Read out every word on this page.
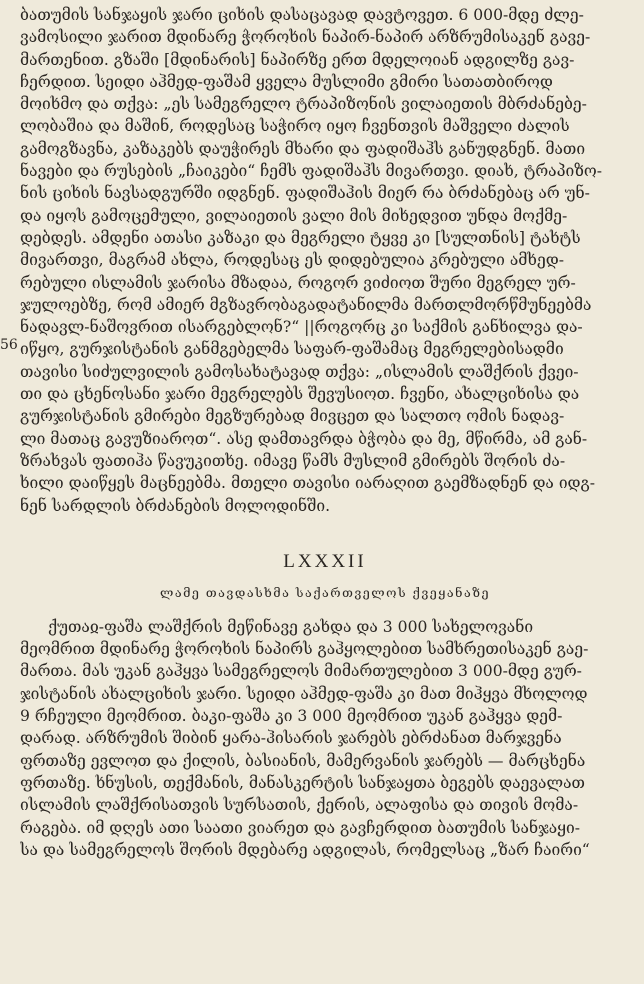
56

ბათუმის სანჯაყის ჯარი ციხის დასაცავად დავტოვეთ. 6 000-მდე ძლე-
ვამოსილი ჯარით მდინარე ჭოროხის ნაპირ-ნაპირ არზრუმისაკენ გავე-
მართენით. გზაში [მდინარის] ნაპირზე ერთ მდელოიან ადგილზე გავ-
ჩერდით. სეიდი აჰმედ-ფაშამ ყველა მუსლიმი გმირი სათათბიროდ
მოიხმო და თქვა: „ეს სამეგრელო ტრაპიზონის ვილაიეთის მბრძანებე-
ლობაშია და მაშინ, როდესაც საჭირო იყო ჩვენთვის მაშველი ძალის
გამოგზავნა, კაზაკებს დაუჭირეს მხარი და ფადიშაჰს განუდგნენ. მათი
ნავები და რუსების „ჩაიკები“ ჩემს ფადიშაჰს მივართვი. დიახ, ტრაპიზო-
ნის ციხის ნავსადგურში იდგნენ. ფადიშაჰის მიერ რა ბრძანებაც არ უნ-
და იყოს გამოცემული, ვილაიეთის ვალი მის მიხედვით უნდა მოქმე-
დებდეს. ამდენი ათასი კაზაკი და მეგრელი ტყვე კი [სულთნის] ტახტს
მივართვი, მაგრამ ახლა, როდესაც ეს დიდებულია კრებული ამხედ-
რებული ისლამის ჯარისა მზადაა, როგორ ვიძიოთ შური მეგრელ ურ-
ჯულოებზე, რომ ამიერ მგზავრობაგადატანილმა მართლმორწმუნეებმა
ნადავლ-ნაშოვრით ისარგებლონ?“ ||როგორც კი საქმის განხილვა და-
იწყო, გურჯისტანის განმგებელმა საფარ-ფაშამაც მეგრელებისადმი
თავისი სიძულვილის გამოსახატავად თქვა: „ისლამის ლაშქრის ქვეი-
თი და ცხენოსანი ჯარი მეგრელებს შევუსიოთ. ჩვენი, ახალციხისა და
გურჯისტანის გმირები მეგზურებად მივცეთ და სალთო ომის ნადავ-
ლი მათაც გავუზიაროთ“. ასე დამთავრდა ბჭობა და მე, მწირმა, ამ გან-
ზრახვას ფათიჰა წავუკითხე. იმავე წამს მუსლიმ გმირებს შორის ძა-
ხილი დაიწყეს მაცნეებმა. მთელი თავისი იარაღით გაემზადნენ და იდგ-
ნენ სარდლის ბრძანების მოლოდინში.

LXXXII
ლამე თავდასხმა საქართველოს ქვეყანაზე

ქუთაჲ-ფაშა ლაშქრის მეწინავე გახდა და 3 000 სახელოვანი
მეომრით მდინარე ჭოროხის ნაპირს გაჰყოლებით სამხრეთისაკენ გაე-
მართა. მას უკან გაჰყვა სამეგრელოს მიმართულებით 3 000-მდე გურ-
ჯისტანის ახალციხის ჯარი. სეიდი აჰმედ-ფაშა კი მათ მიჰყვა მხოლოდ
9 რჩეული მეომრით. ბაკი-ფაშა კი 3 000 მეომრით უკან გაჰყვა დემ-
დარად. არზრუმის შიბინ ყარა-ჰისარის ჯარებს ებრძანათ მარჯვენა
ფრთაზე ევლოთ და ქილის, ბასიანის, მამერვანის ჯარებს — მარცხენა
ფრთაზე. ხნუსის, თექმანის, მანასკერტის სანჯაყთა ბეგებს დაევალათ
ისლამის ლაშქრისათვის სურსათის, ქერის, ალაფისა და თივის მომა-
რაგება. იმ დღეს ათი საათი ვიარეთ და გავჩერდით ბათუმის სანჯაყი-
სა და სამეგრელოს შორის მდებარე ადგილას, რომელსაც „ზარ ჩაირი“
